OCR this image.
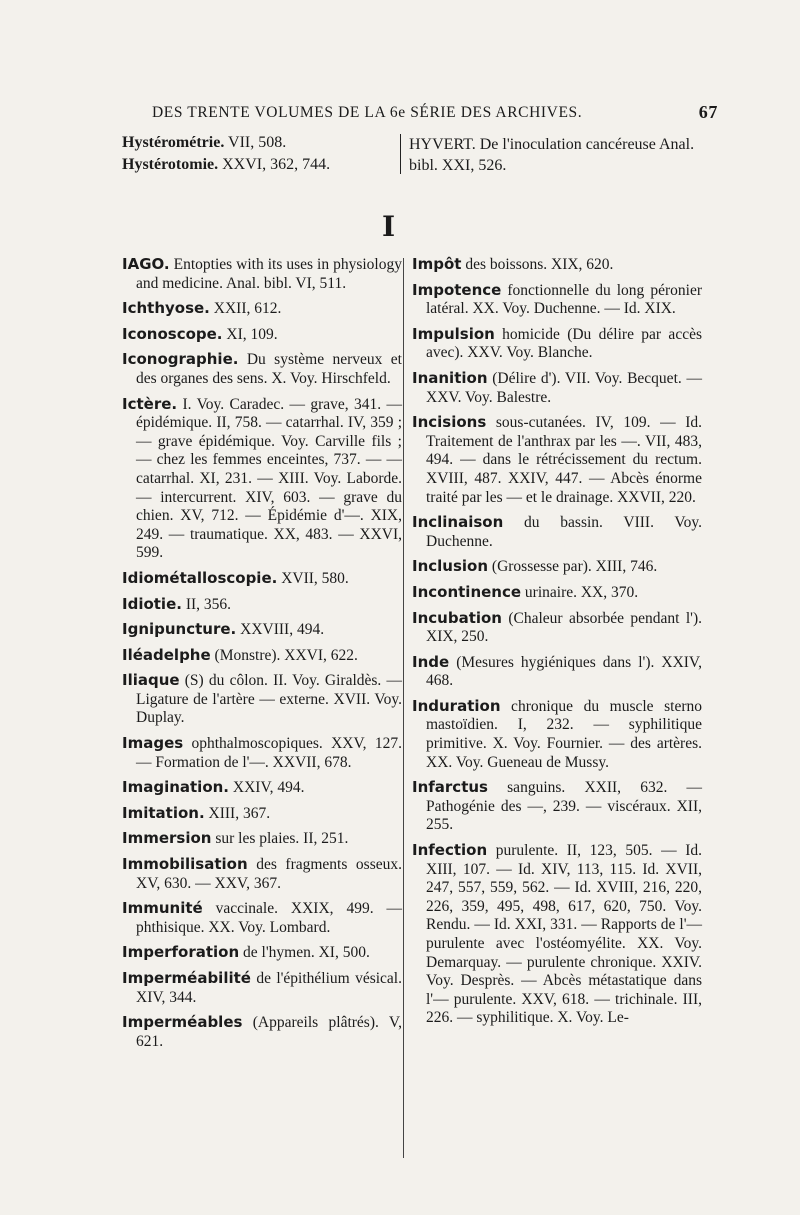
DES TRENTE VOLUMES DE LA 6e SÉRIE DES ARCHIVES.	67
Hystérométrie. VII, 508.
Hystérotomie. XXVI, 362, 744.
HYVERT. De l'inoculation cancéreuse Anal. bibl. XXI, 526.
I
IAGO. Entopties with its uses in physiology and medicine. Anal. bibl. VI, 511.
Ichthyose. XXII, 612.
Iconoscope. XI, 109.
Iconographie. Du système nerveux et des organes des sens. X. Voy. Hirschfeld.
Ictère. I. Voy. Caradec. — grave, 341. — épidémique. II, 758. — catarrhal. IV, 359 ; — grave épidémique. Voy. Carville fils ; — chez les femmes enceintes, 737. — — catarrhal. XI, 231. — XIII. Voy. Laborde. — intercurrent. XIV, 603. — grave du chien. XV, 712. — Épidémie d'—. XIX, 249. — traumatique. XX, 483. — XXVI, 599.
Idiométalloscopie. XVII, 580.
Idiotie. II, 356.
Ignipuncture. XXVIII, 494.
Iléadelphe (Monstre). XXVI, 622.
Iliaque (S) du côlon. II. Voy. Giraldès. — Ligature de l'artère — externe. XVII. Voy. Duplay.
Images ophthalmoscopiques. XXV, 127. — Formation de l'—. XXVII, 678.
Imagination. XXIV, 494.
Imitation. XIII, 367.
Immersion sur les plaies. II, 251.
Immobilisation des fragments osseux. XV, 630. — XXV, 367.
Immunité vaccinale. XXIX, 499. — phthisique. XX. Voy. Lombard.
Imperforation de l'hymen. XI, 500.
Imperméabilité de l'épithélium vésical. XIV, 344.
Imperméables (Appareils plâtrés). V, 621.
Impôt des boissons. XIX, 620.
Impotence fonctionnelle du long péronier latéral. XX. Voy. Duchenne. — Id. XIX.
Impulsion homicide (Du délire par accès avec). XXV. Voy. Blanche.
Inanition (Délire d'). VII. Voy. Becquet. — XXV. Voy. Balestre.
Incisions sous-cutanées. IV, 109. — Id. Traitement de l'anthrax par les —. VII, 483, 494. — dans le rétrécissement du rectum. XVIII, 487. XXIV, 447. — Abcès énorme traité par les — et le drainage. XXVII, 220.
Inclinaison du bassin. VIII. Voy. Duchenne.
Inclusion (Grossesse par). XIII, 746.
Incontinence urinaire. XX, 370.
Incubation (Chaleur absorbée pendant l'). XIX, 250.
Inde (Mesures hygiéniques dans l'). XXIV, 468.
Induration chronique du muscle sterno mastoïdien. I, 232. — syphilitique primitive. X. Voy. Fournier. — des artères. XX. Voy. Gueneau de Mussy.
Infarctus sanguins. XXII, 632. — Pathogénie des —, 239. — viscéraux. XII, 255.
Infection purulente. II, 123, 505. — Id. XIII, 107. — Id. XIV, 113, 115. Id. XVII, 247, 557, 559, 562. — Id. XVIII, 216, 220, 226, 359, 495, 498, 617, 620, 750. Voy. Rendu. — Id. XXI, 331. — Rapports de l'— purulente avec l'ostéomyélite. XX. Voy. Demarquay. — purulente chronique. XXIV. Voy. Desprès. — Abcès métastatique dans l'— purulente. XXV, 618. — trichinale. III, 226. — syphilitique. X. Voy. Le-
